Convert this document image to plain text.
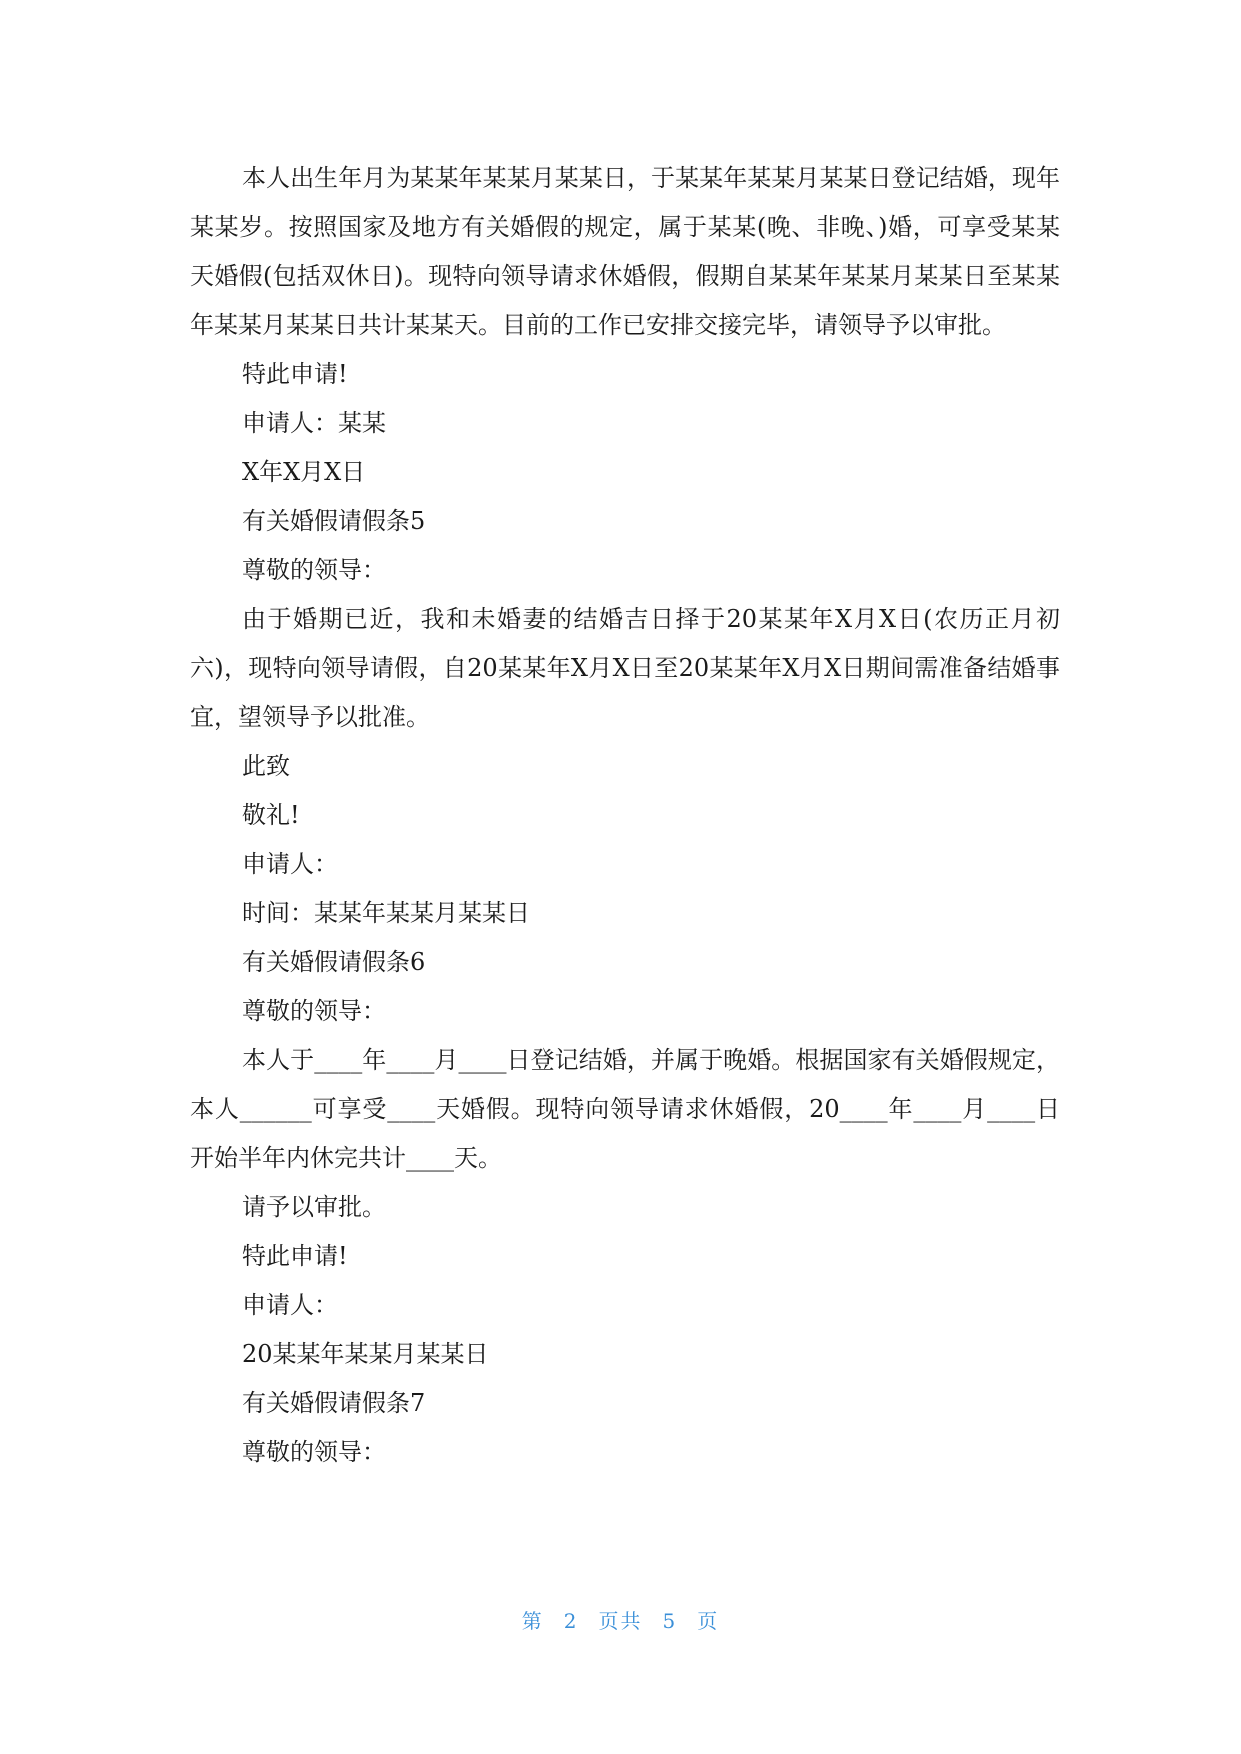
本人出生年月为某某年某某月某某日，于某某年某某月某某日登记结婚，现年某某岁。按照国家及地方有关婚假的规定，属于某某(晚、非晚、)婚，可享受某某天婚假(包括双休日)。现特向领导请求休婚假，假期自某某年某某月某某日至某某年某某月某某日共计某某天。目前的工作已安排交接完毕，请领导予以审批。

特此申请!

申请人：某某

X年X月X日

有关婚假请假条5

尊敬的领导：

由于婚期已近，我和未婚妻的结婚吉日择于20某某年X月X日(农历正月初六)，现特向领导请假，自20某某年X月X日至20某某年X月X日期间需准备结婚事宜，望领导予以批准。

此致

敬礼!

申请人：

时间：某某年某某月某某日

有关婚假请假条6

尊敬的领导：

本人于____年____月____日登记结婚，并属于晚婚。根据国家有关婚假规定，本人______可享受____天婚假。现特向领导请求休婚假，20____年____月____日开始半年内休完共计____天。

请予以审批。

特此申请!

申请人：

20某某年某某月某某日

有关婚假请假条7

尊敬的领导：

第 2 页共 5 页
